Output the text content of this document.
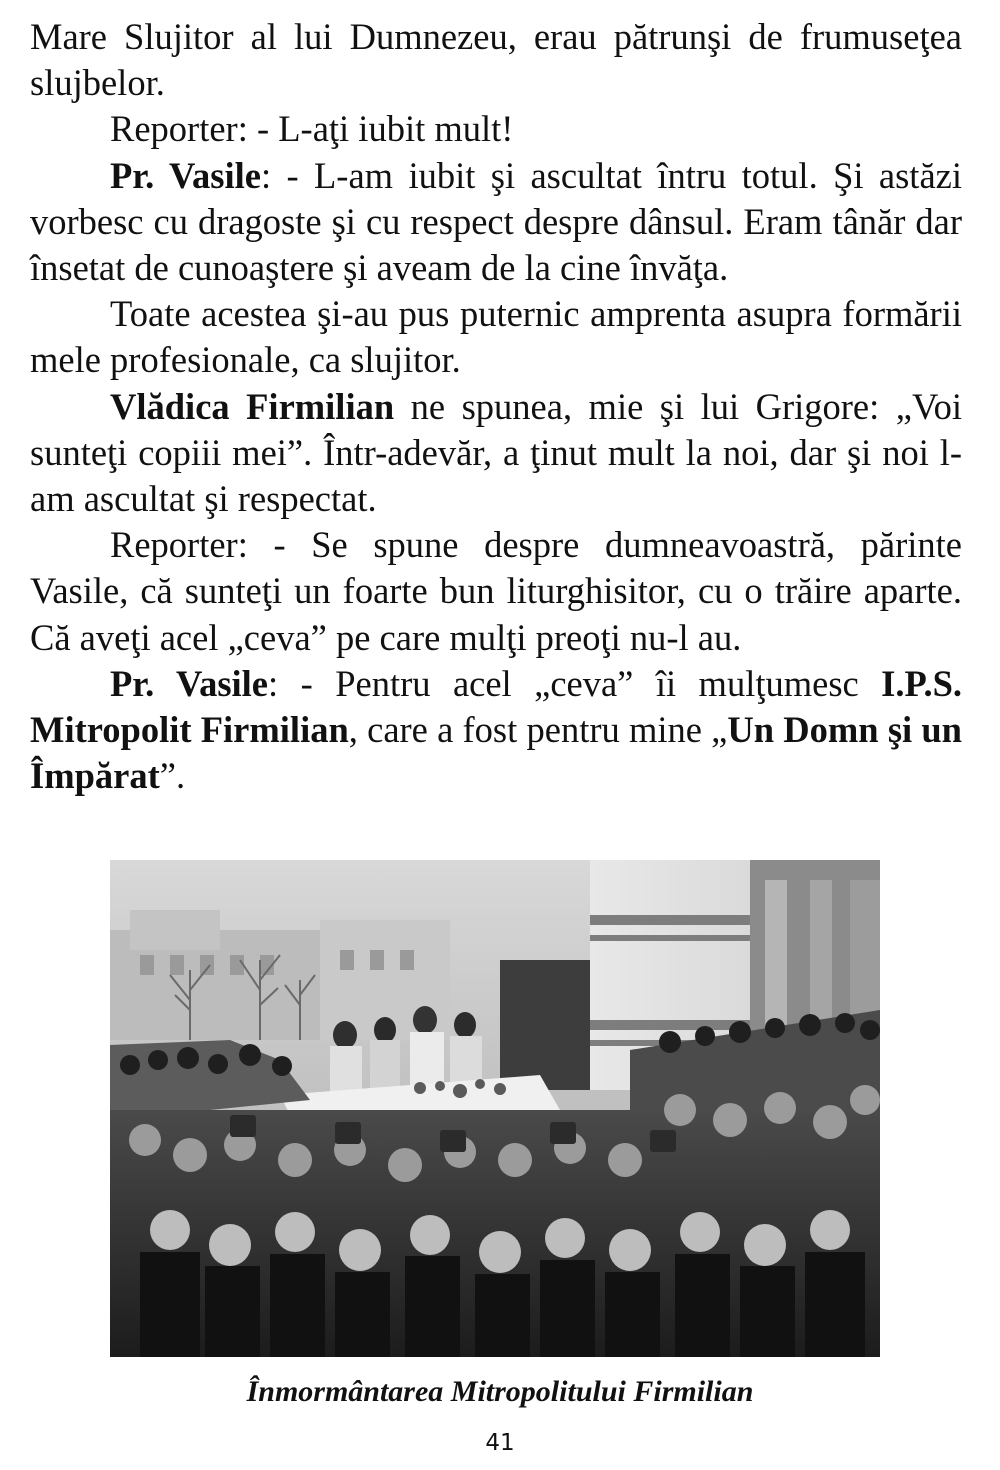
Mare Slujitor al lui Dumnezeu, erau pătrunşi de frumuseţea slujbelor.

Reporter: - L-aţi iubit mult!

Pr. Vasile: - L-am iubit şi ascultat întru totul. Şi astăzi vorbesc cu dragoste şi cu respect despre dânsul. Eram tânăr dar însetat de cunoaştere şi aveam de la cine învăţa.

Toate acestea şi-au pus puternic amprenta asupra formării mele profesionale, ca slujitor.

Vlădica Firmilian ne spunea, mie şi lui Grigore: „Voi sunteţi copiii mei”. Într-adevăr, a ţinut mult la noi, dar şi noi l-am ascultat şi respectat.

Reporter: - Se spune despre dumneavoastră, părinte Vasile, că sunteţi un foarte bun liturghisitor, cu o trăire aparte. Că aveţi acel „ceva” pe care mulţi preoţi nu-l au.

Pr. Vasile: - Pentru acel „ceva” îi mulţumesc I.P.S. Mitropolit Firmilian, care a fost pentru mine „Un Domn şi un Împărat”.

Înmormântarea Mitropolitului Firmilian
41
